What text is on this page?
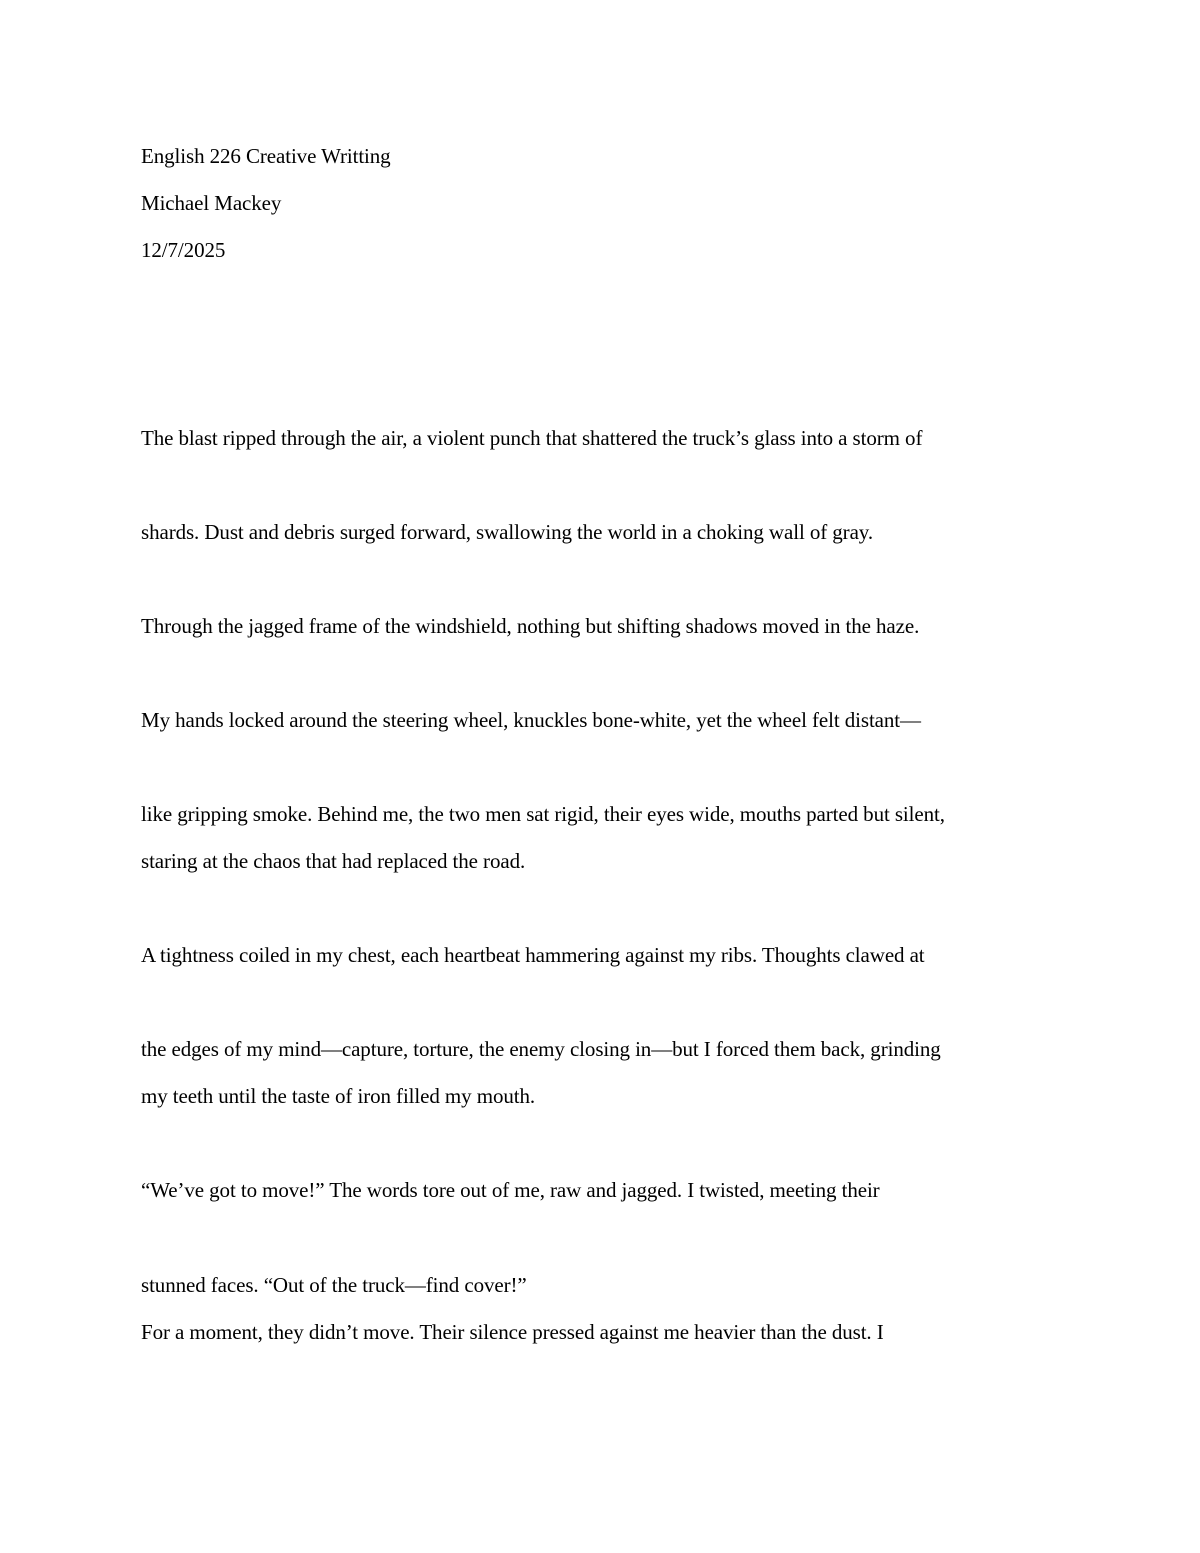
English 226 Creative Writting
Michael Mackey
12/7/2025
The blast ripped through the air, a violent punch that shattered the truck’s glass into a storm of
shards. Dust and debris surged forward, swallowing the world in a choking wall of gray.
Through the jagged frame of the windshield, nothing but shifting shadows moved in the haze.
My hands locked around the steering wheel, knuckles bone-white, yet the wheel felt distant—
like gripping smoke. Behind me, the two men sat rigid, their eyes wide, mouths parted but silent,
staring at the chaos that had replaced the road.
A tightness coiled in my chest, each heartbeat hammering against my ribs. Thoughts clawed at
the edges of my mind—capture, torture, the enemy closing in—but I forced them back, grinding
my teeth until the taste of iron filled my mouth.
“We’ve got to move!” The words tore out of me, raw and jagged. I twisted, meeting their
stunned faces. “Out of the truck—find cover!”
For a moment, they didn’t move. Their silence pressed against me heavier than the dust. I
